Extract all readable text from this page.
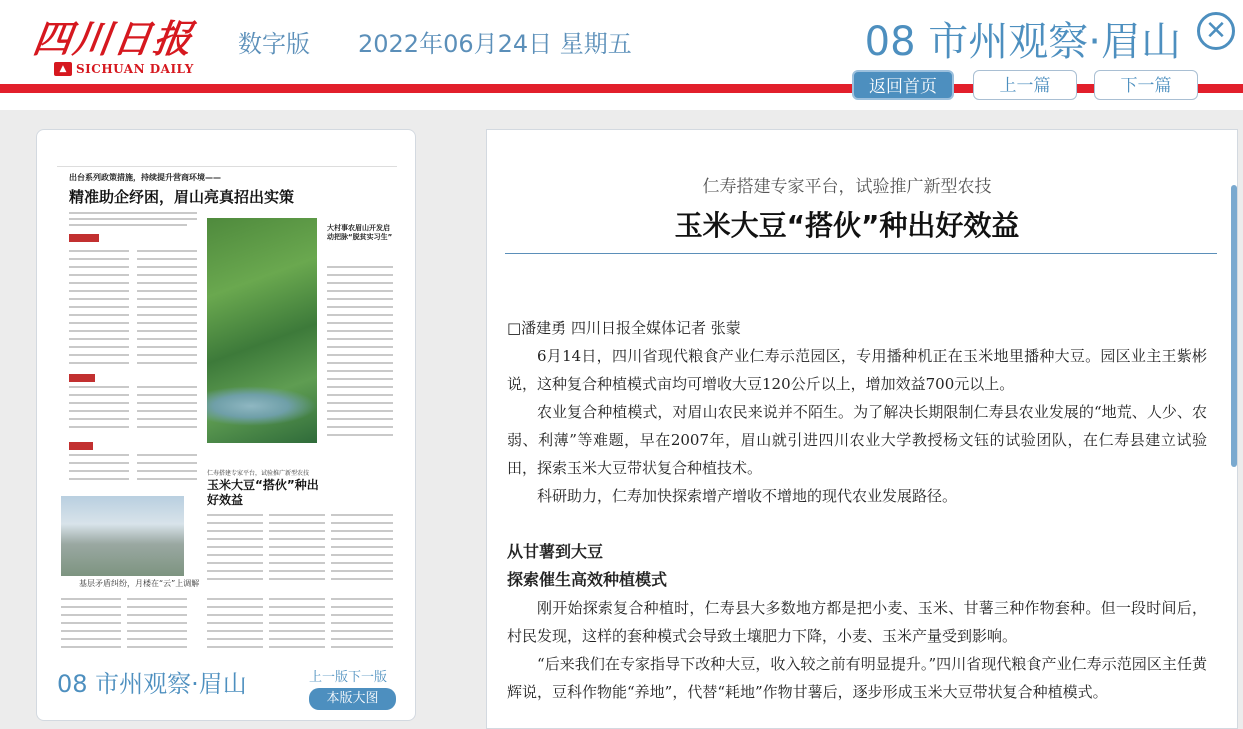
四川日报
▲ SICHUAN DAILY
数字版 2022年06月24日 星期五	08 市州观察·眉山 ✕
返回首页	上一篇	下一篇
出台系列政策措施，持续提升营商环境——
精准助企纾困，眉山亮真招出实策
大村事农眉山开发启动把脉“脱贫实习生”
仁寿搭建专家平台，试验推广新型农技
玉米大豆“搭伙”种出好效益
基层矛盾纠纷，月楼在“云”上调解
08 市州观察·眉山	上一版下一版
本版大图
仁寿搭建专家平台，试验推广新型农技
玉米大豆“搭伙”种出好效益

□潘建勇 四川日报全媒体记者 张蒙

6月14日，四川省现代粮食产业仁寿示范园区，专用播种机正在玉米地里播种大豆。园区业主王紫彬说，这种复合种植模式亩均可增收大豆120公斤以上，增加效益700元以上。

农业复合种植模式，对眉山农民来说并不陌生。为了解决长期限制仁寿县农业发展的“地荒、人少、农弱、利薄”等难题，早在2007年，眉山就引进四川农业大学教授杨文钰的试验团队，在仁寿县建立试验田，探索玉米大豆带状复合种植技术。

科研助力，仁寿加快探索增产增收不增地的现代农业发展路径。

从甘薯到大豆
探索催生高效种植模式

刚开始探索复合种植时，仁寿县大多数地方都是把小麦、玉米、甘薯三种作物套种。但一段时间后，村民发现，这样的套种模式会导致土壤肥力下降，小麦、玉米产量受到影响。

“后来我们在专家指导下改种大豆，收入较之前有明显提升。”四川省现代粮食产业仁寿示范园区主任黄辉说，豆科作物能“养地”，代替“耗地”作物甘薯后，逐步形成玉米大豆带状复合种植模式。
